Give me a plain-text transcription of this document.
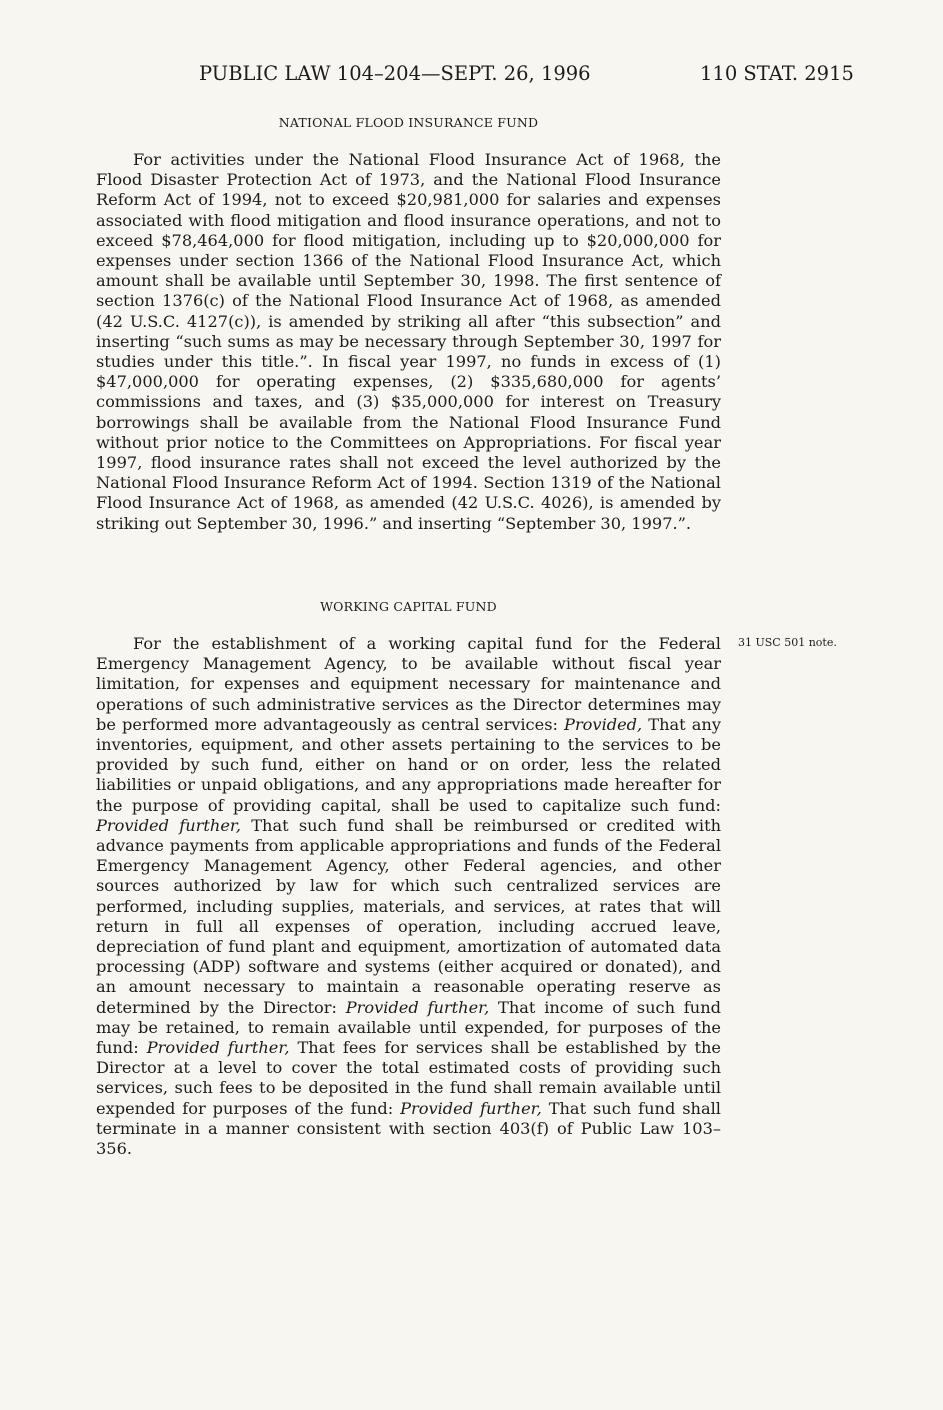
PUBLIC LAW 104–204—SEPT. 26, 1996	110 STAT. 2915
NATIONAL FLOOD INSURANCE FUND

For activities under the National Flood Insurance Act of 1968, the Flood Disaster Protection Act of 1973, and the National Flood Insurance Reform Act of 1994, not to exceed $20,981,000 for salaries and expenses associated with flood mitigation and flood insurance operations, and not to exceed $78,464,000 for flood mitigation, including up to $20,000,000 for expenses under section 1366 of the National Flood Insurance Act, which amount shall be available until September 30, 1998. The first sentence of section 1376(c) of the National Flood Insurance Act of 1968, as amended (42 U.S.C. 4127(c)), is amended by striking all after “this subsection” and inserting “such sums as may be necessary through September 30, 1997 for studies under this title.”. In fiscal year 1997, no funds in excess of (1) $47,000,000 for operating expenses, (2) $335,680,000 for agents’ commissions and taxes, and (3) $35,000,000 for interest on Treasury borrowings shall be available from the National Flood Insurance Fund without prior notice to the Committees on Appropriations. For fiscal year 1997, flood insurance rates shall not exceed the level authorized by the National Flood Insurance Reform Act of 1994. Section 1319 of the National Flood Insurance Act of 1968, as amended (42 U.S.C. 4026), is amended by striking out September 30, 1996.” and inserting “September 30, 1997.”.

WORKING CAPITAL FUND
31 USC 501 note.

For the establishment of a working capital fund for the Federal Emergency Management Agency, to be available without fiscal year limitation, for expenses and equipment necessary for maintenance and operations of such administrative services as the Director determines may be performed more advantageously as central services: Provided, That any inventories, equipment, and other assets pertaining to the services to be provided by such fund, either on hand or on order, less the related liabilities or unpaid obligations, and any appropriations made hereafter for the purpose of providing capital, shall be used to capitalize such fund: Provided further, That such fund shall be reimbursed or credited with advance payments from applicable appropriations and funds of the Federal Emergency Management Agency, other Federal agencies, and other sources authorized by law for which such centralized services are performed, including supplies, materials, and services, at rates that will return in full all expenses of operation, including accrued leave, depreciation of fund plant and equipment, amortization of automated data processing (ADP) software and systems (either acquired or donated), and an amount necessary to maintain a reasonable operating reserve as determined by the Director: Provided further, That income of such fund may be retained, to remain available until expended, for purposes of the fund: Provided further, That fees for services shall be established by the Director at a level to cover the total estimated costs of providing such services, such fees to be deposited in the fund shall remain available until expended for purposes of the fund: Provided further, That such fund shall terminate in a manner consistent with section 403(f) of Public Law 103–356.
